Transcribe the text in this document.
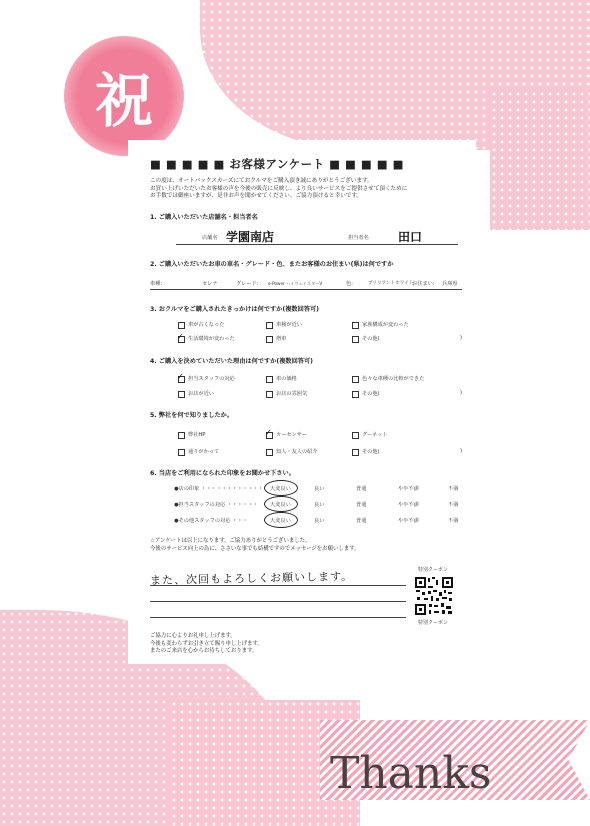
祝
■ ■ ■ ■ ■ お客様アンケート ■ ■ ■ ■ ■
この度は、オートバックスカーズにておクルマをご購入頂き誠にありがとうございます。
お買い上げいただいたお客様の声を今後の販売に反映し、より良いサービスをご提供させて頂くために
お手数では御座いますが、是非お声を聞かせてください。ご協力頂けると幸いです。
1. ご購入いただいた店舗名・担当者名
店舗名 学園南店	担当者名 田口
2. ご購入いただいたお車の車名・グレード・色、またお客様のお住まい(県)は何ですか
車種:	セレナ	グレード: e-Power ハイウェイスターV	色:	ブリリアントホワイト
お住まい: 兵庫県
3. おクルマをご購入されたきっかけは何ですか(複数回答可)
車が古くなった	車検が近い	家族構成が変わった
✓ 生活環境が変わった	増車	その他(	)
4. ご購入を決めていただいた理由は何ですか(複数回答可)
✓ 担当スタッフの対応	車の価格	色々な車種の比較ができた
お店が近い	お店の雰囲気	その他(	)
5. 弊社を何で知りましたか。
弊社HP	✓ カーセンサー	グーネット
通りがかって	知人・友人の紹介	その他(	)
6. 当店をご利用になられた印象をお聞かせ下さい。
●店の印象 ・・・・・・・・・・・・ 大変良い	良い	普通	やや不満	不満
●担当スタッフの対応 ・・・・・・ 大変良い	良い	普通	やや不満	不満
●その他スタッフの対応 ・・・	大変良い	良い	普通	やや不満	不満
☆アンケートは以上になります。ご協力ありがとうございました。
今後のサービス向上の為に、ささいな事でも結構ですのでメッセージをお願いします。
また、次回もよろしくお願いします。	特別クーポン
特別クーポン
ご協力に心よりお礼申し上げます。
今後も変わらずお引き立て賜り申し上げます。
またのご来店を心からお待ちしております。
Thanks
